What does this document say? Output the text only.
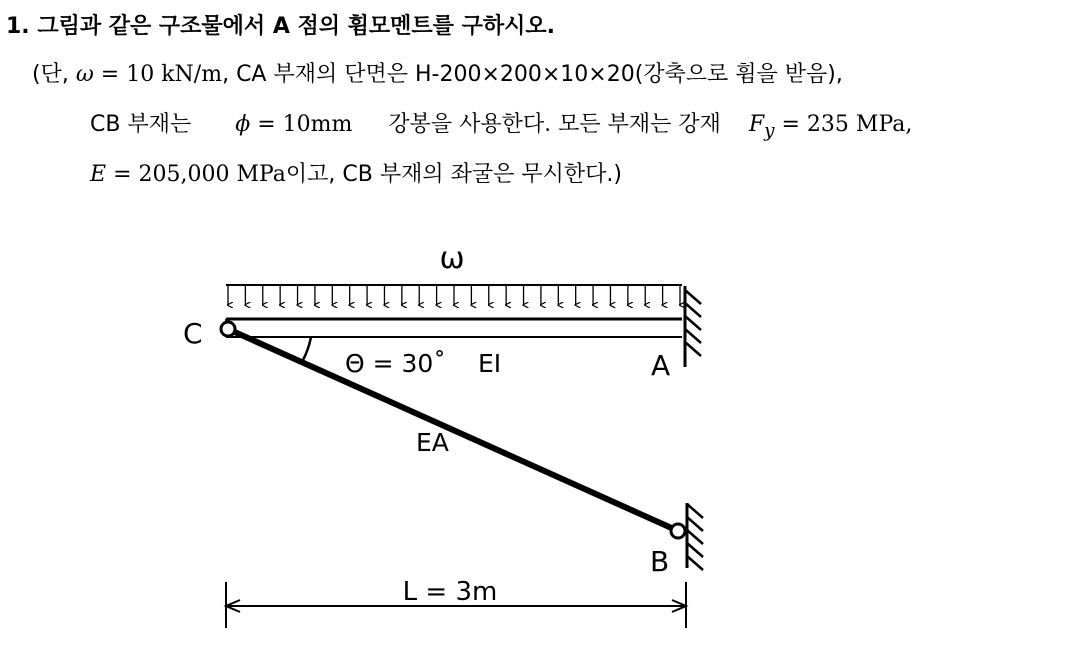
1. 그림과 같은 구조물에서 A 점의 휨모멘트를 구하시오.
(단, ω = 10 kN/m, CA 부재의 단면은 H-200×200×10×20(강축으로 휨을 받음),
CB 부재는 ϕ = 10mm 강봉을 사용한다. 모든 부재는 강재 $F_y = 235$ MPa,
E = 205,000 MPa이고, CB 부재의 좌굴은 무시한다.)
ω
C
A
B
Θ = 30˚ EI
EA
L = 3m
